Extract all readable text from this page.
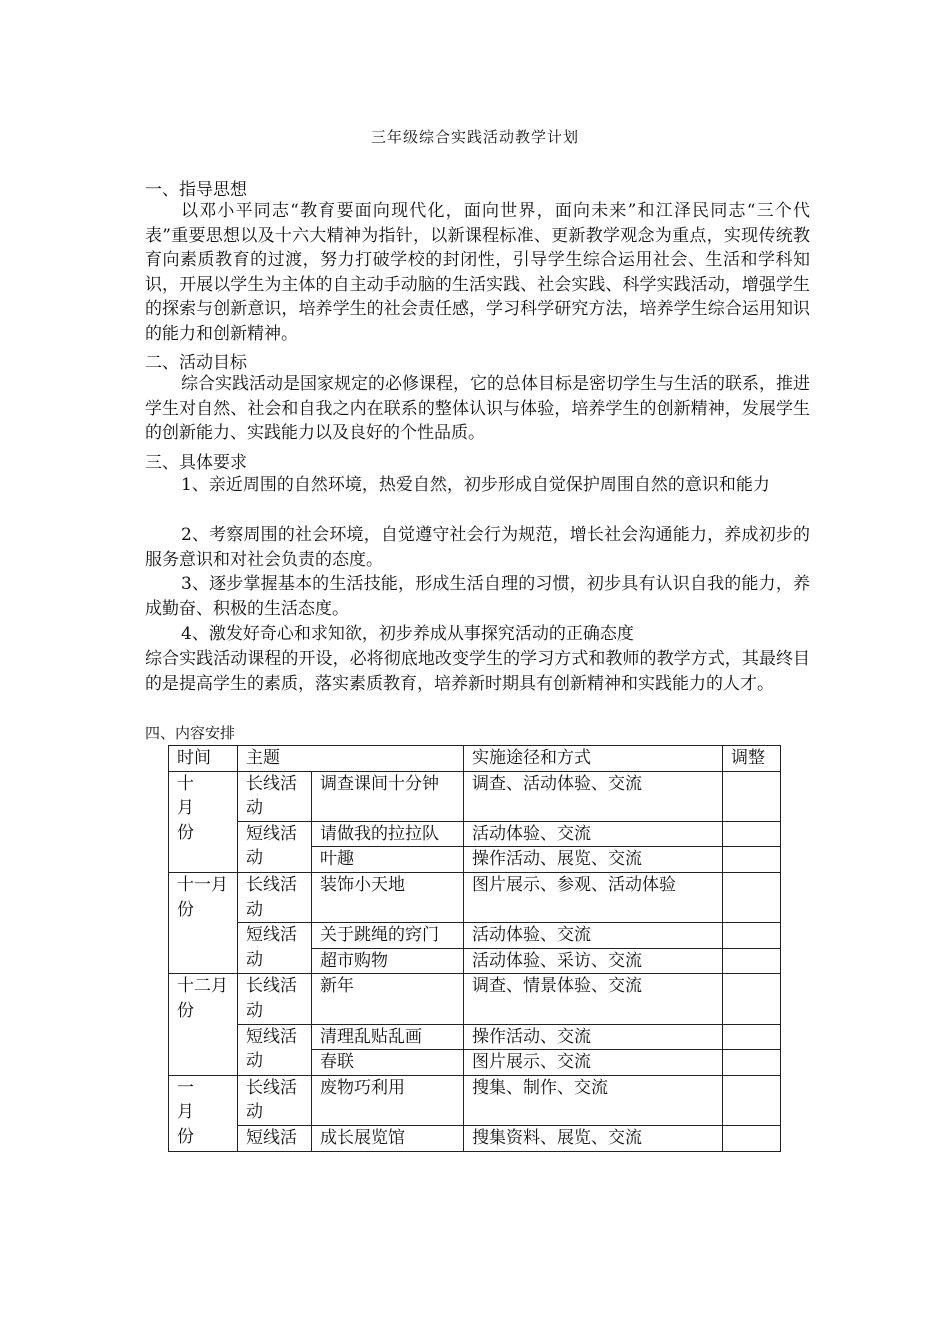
三年级综合实践活动教学计划
一、指导思想
以邓小平同志“教育要面向现代化，面向世界，面向未来”和江泽民同志“三个代表”重要思想以及十六大精神为指针，以新课程标准、更新教学观念为重点，实现传统教育向素质教育的过渡，努力打破学校的封闭性，引导学生综合运用社会、生活和学科知识，开展以学生为主体的自主动手动脑的生活实践、社会实践、科学实践活动，增强学生的探索与创新意识，培养学生的社会责任感，学习科学研究方法，培养学生综合运用知识的能力和创新精神。
二、活动目标
综合实践活动是国家规定的必修课程，它的总体目标是密切学生与生活的联系，推进学生对自然、社会和自我之内在联系的整体认识与体验，培养学生的创新精神，发展学生的创新能力、实践能力以及良好的个性品质。
三、具体要求
1、亲近周围的自然环境，热爱自然，初步形成自觉保护周围自然的意识和能力
2、考察周围的社会环境，自觉遵守社会行为规范，增长社会沟通能力，养成初步的服务意识和对社会负责的态度。
3、逐步掌握基本的生活技能，形成生活自理的习惯，初步具有认识自我的能力，养成勤奋、积极的生活态度。
4、激发好奇心和求知欲，初步养成从事探究活动的正确态度
综合实践活动课程的开设，必将彻底地改变学生的学习方式和教师的教学方式，其最终目的是提高学生的素质，落实素质教育，培养新时期具有创新精神和实践能力的人才。
四、内容安排
时间	主题		实施途径和方式	调整
十月份	长线活动	调查课间十分钟	调查、活动体验、交流	
	短线活动	请做我的拉拉队	活动体验、交流	
		叶趣	操作活动、展览、交流	
十一月份	长线活动	装饰小天地	图片展示、参观、活动体验	
	短线活动	关于跳绳的窍门	活动体验、交流	
		超市购物	活动体验、采访、交流	
十二月份	长线活动	新年	调查、情景体验、交流	
	短线活动	清理乱贴乱画	操作活动、交流	
		春联	图片展示、交流	
一月份	长线活动	废物巧利用	搜集、制作、交流	
	短线活	成长展览馆	搜集资料、展览、交流	
